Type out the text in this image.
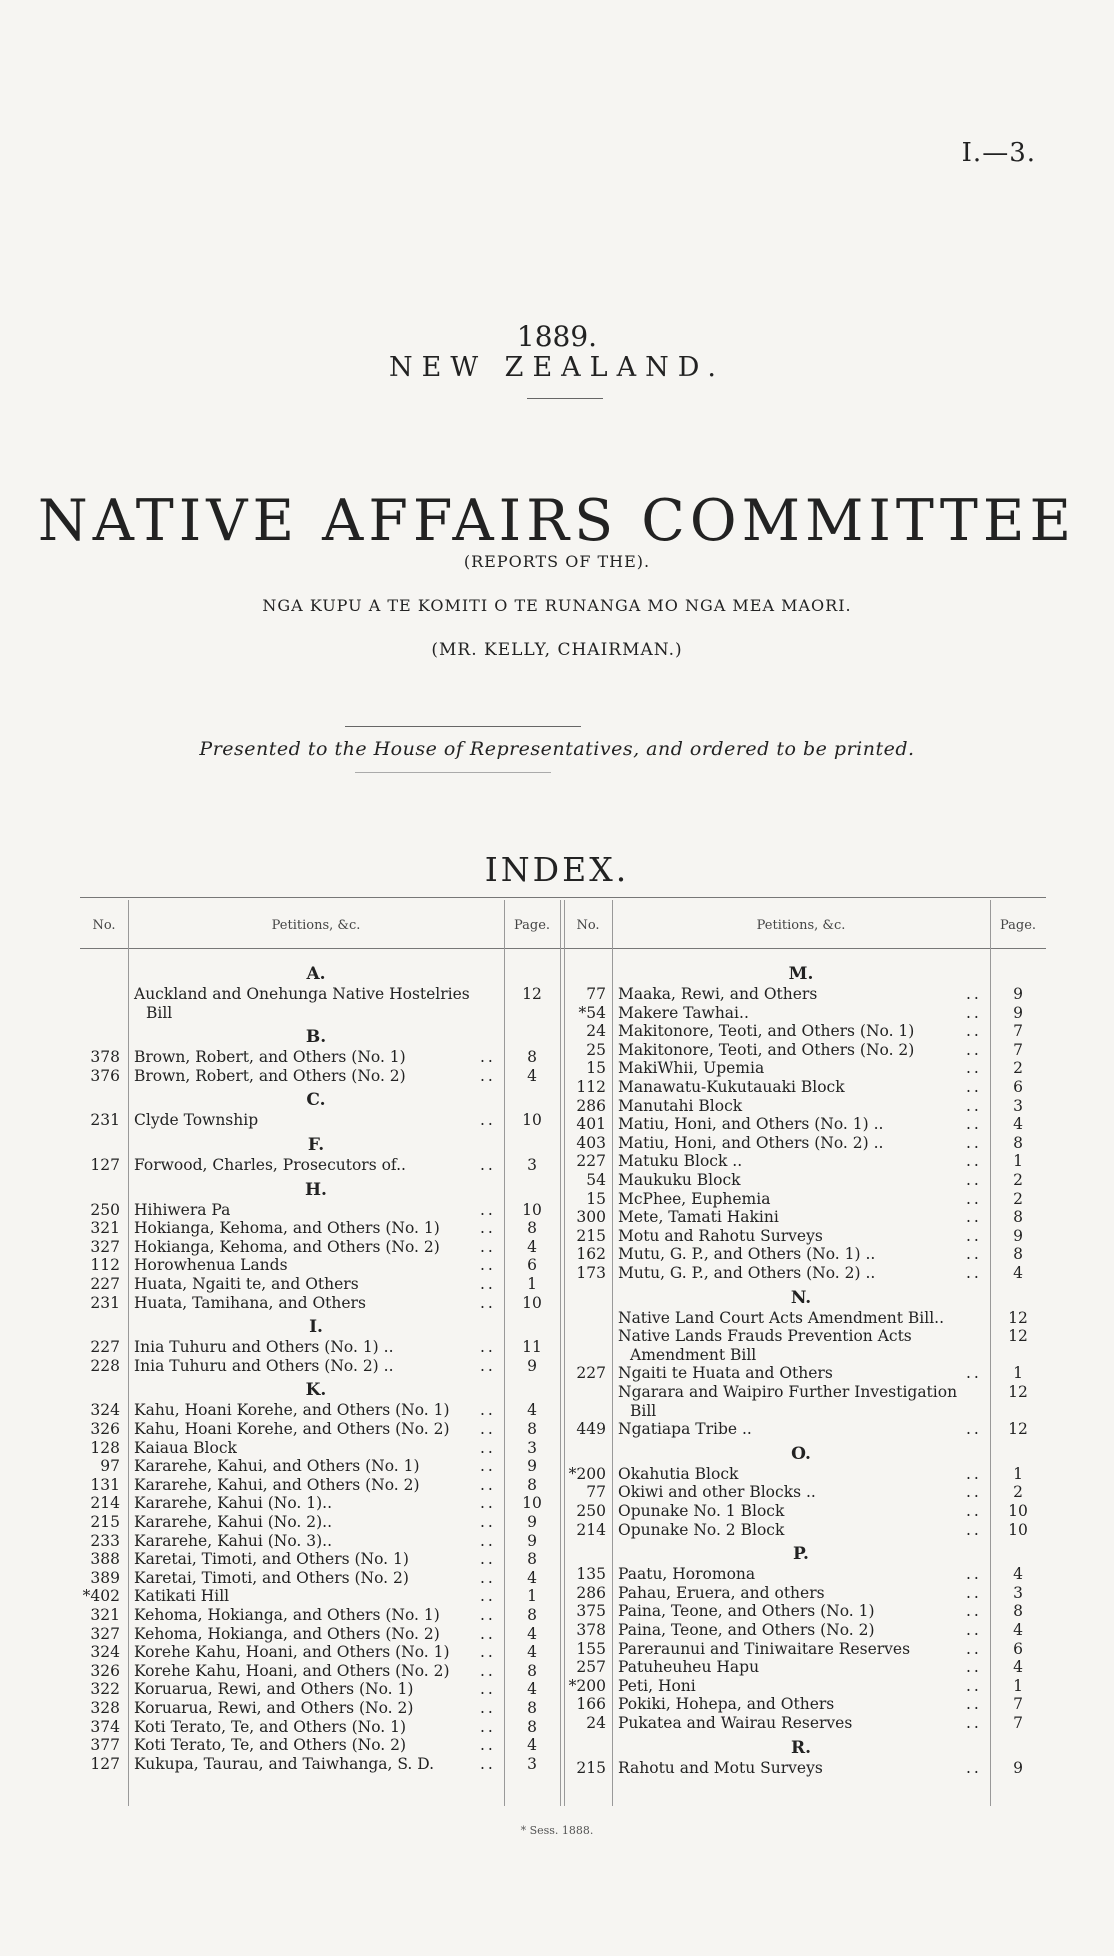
I.—3.
1889.
NEW ZEALAND.
NATIVE AFFAIRS COMMITTEE
(REPORTS OF THE).
NGA KUPU A TE KOMITI O TE RUNANGA MO NGA MEA MAORI.
(MR. KELLY, CHAIRMAN.)
Presented to the House of Representatives, and ordered to be printed.
INDEX.
No.	Petitions, &c.	Page.	No.	Petitions, &c.	Page.
A.
Auckland and Onehunga Native Hostelries	12
Bill
B.
378 Brown, Robert, and Others (No. 1)	..	8
376 Brown, Robert, and Others (No. 2)	..	4
C.
231 Clyde Township	..	10
F.
127 Forwood, Charles, Prosecutors of..	..	3
H.
250 Hihiwera Pa	..	10
321 Hokianga, Kehoma, and Others (No. 1)	..	8
327 Hokianga, Kehoma, and Others (No. 2)	..	4
112 Horowhenua Lands	..	6
227 Huata, Ngaiti te, and Others	..	1
231 Huata, Tamihana, and Others	..	10
I.
227 Inia Tuhuru and Others (No. 1) ..	..	11
228 Inia Tuhuru and Others (No. 2) ..	..	9
K.
324 Kahu, Hoani Korehe, and Others (No. 1) ..	4
326 Kahu, Hoani Korehe, and Others (No. 2) ..	8
128 Kaiaua Block	..	3
97 Kararehe, Kahui, and Others (No. 1)	..	9
131 Kararehe, Kahui, and Others (No. 2)	..	8
214 Kararehe, Kahui (No. 1)..	..	10
215 Kararehe, Kahui (No. 2)..	..	9
233 Kararehe, Kahui (No. 3)..	..	9
388 Karetai, Timoti, and Others (No. 1)	..	8
389 Karetai, Timoti, and Others (No. 2)	..	4
*402 Katikati Hill	..	1
321 Kehoma, Hokianga, and Others (No. 1)	..	8
327 Kehoma, Hokianga, and Others (No. 2)	..	4
324 Korehe Kahu, Hoani, and Others (No. 1) ..	4
326 Korehe Kahu, Hoani, and Others (No. 2) ..	8
322 Koruarua, Rewi, and Others (No. 1)	..	4
328 Koruarua, Rewi, and Others (No. 2)	..	8
374 Koti Terato, Te, and Others (No. 1)	..	8
377 Koti Terato, Te, and Others (No. 2)	..	4
127 Kukupa, Taurau, and Taiwhanga, S. D.	..	3
M.
77 Maaka, Rewi, and Others	..	9
*54 Makere Tawhai..	..	9
24 Makitonore, Teoti, and Others (No. 1)	..	7
25 Makitonore, Teoti, and Others (No. 2)	..	7
15 MakiWhii, Upemia	..	2
112 Manawatu-Kukutauaki Block	..	6
286 Manutahi Block	..	3
401 Matiu, Honi, and Others (No. 1) ..	..	4
403 Matiu, Honi, and Others (No. 2) ..	..	8
227 Matuku Block ..	..	1
54 Maukuku Block	..	2
15 McPhee, Euphemia	..	2
300 Mete, Tamati Hakini	..	8
215 Motu and Rahotu Surveys	..	9
162 Mutu, G. P., and Others (No. 1) ..	..	8
173 Mutu, G. P., and Others (No. 2) ..	..	4
N.
Native Land Court Acts Amendment Bill..	12
Native Lands Frauds Prevention Acts	12
Amendment Bill
227 Ngaiti te Huata and Others	..	1
Ngarara and Waipiro Further Investigation	12
Bill
449 Ngatiapa Tribe ..	..	12
O.
*200 Okahutia Block	..	1
77 Okiwi and other Blocks ..	..	2
250 Opunake No. 1 Block	..	10
214 Opunake No. 2 Block	..	10
P.
135 Paatu, Horomona	..	4
286 Pahau, Eruera, and others	..	3
375 Paina, Teone, and Others (No. 1)	..	8
378 Paina, Teone, and Others (No. 2)	..	4
155 Pareraunui and Tiniwaitare Reserves	..	6
257 Patuheuheu Hapu	..	4
*200 Peti, Honi	..	1
166 Pokiki, Hohepa, and Others	..	7
24 Pukatea and Wairau Reserves	..	7
R.
215 Rahotu and Motu Surveys	..	9
* Sess. 1888.
